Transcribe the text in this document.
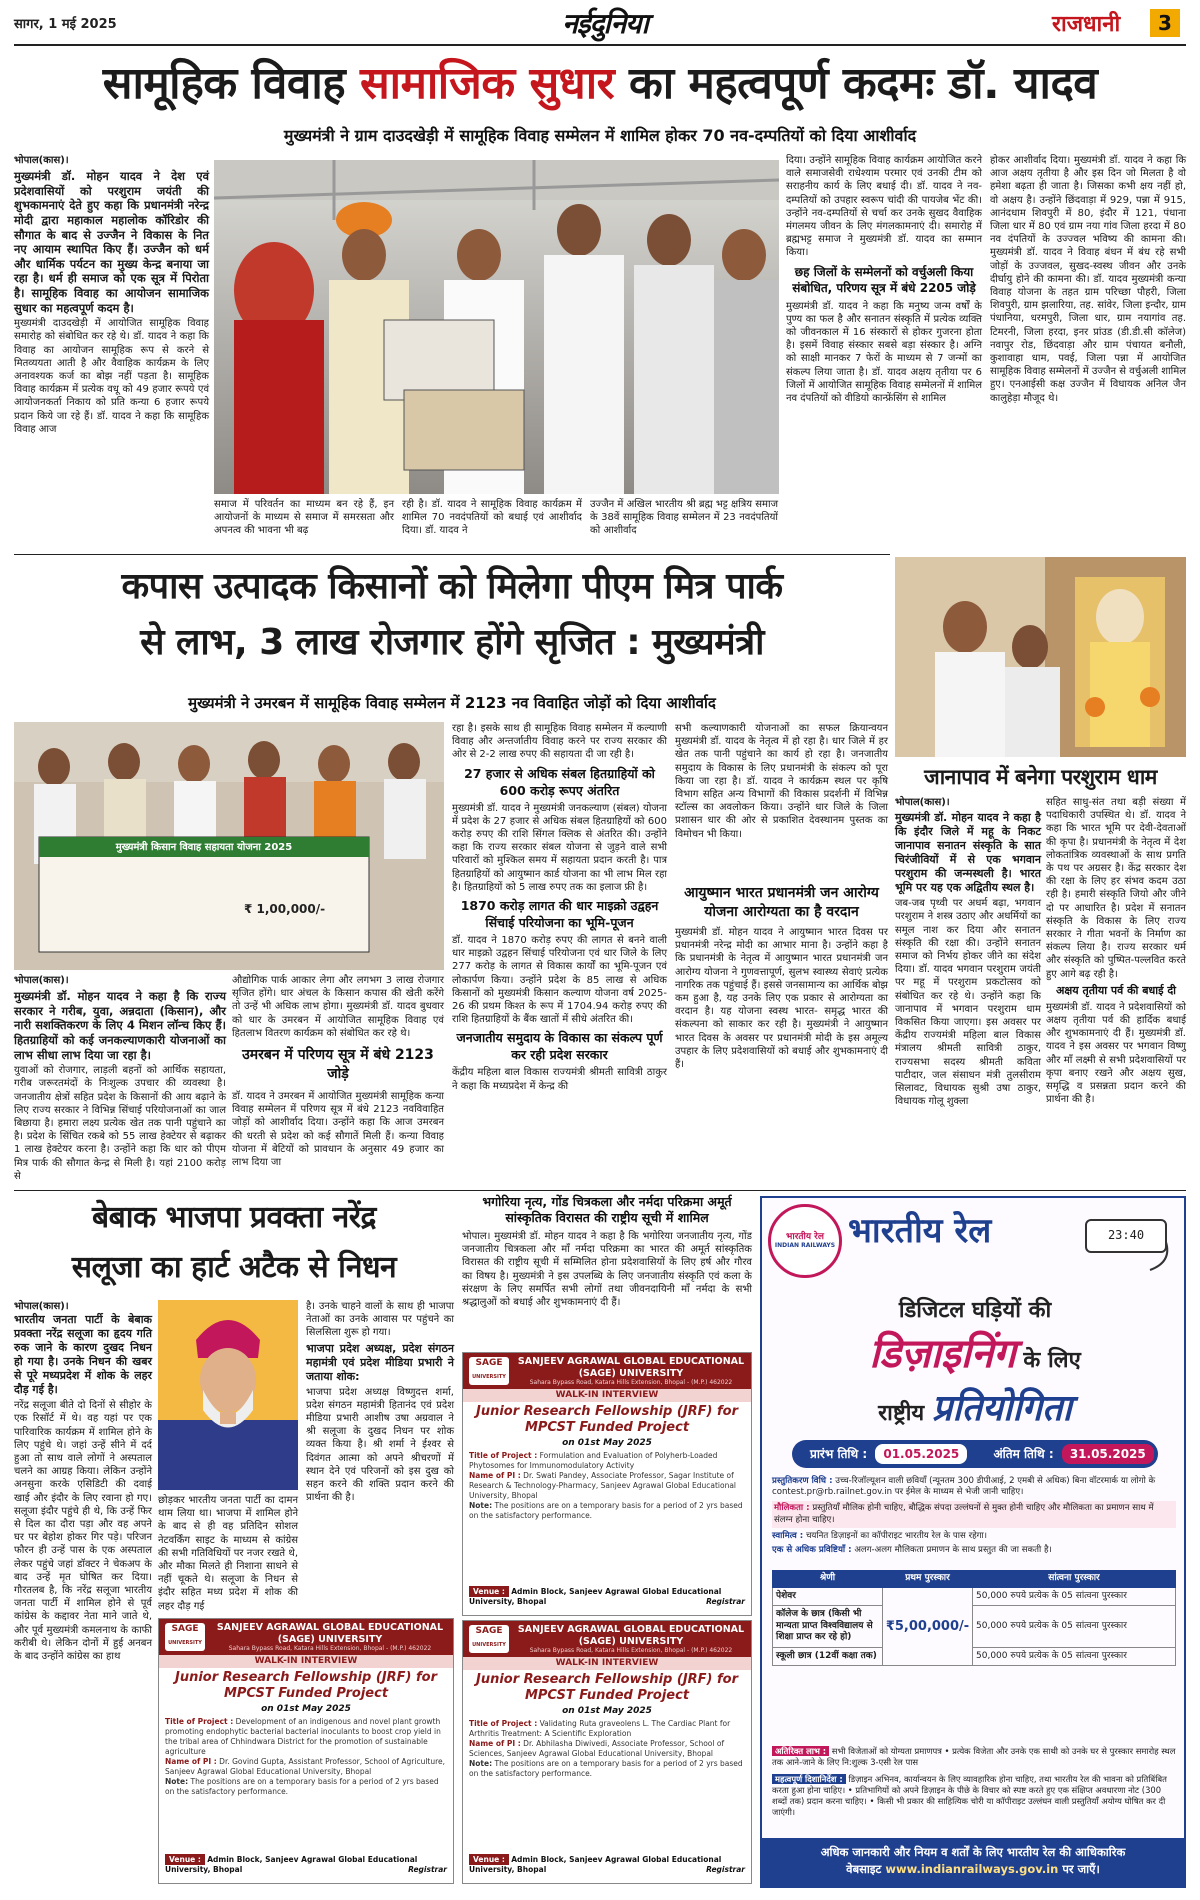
सागर, 1 मई 2025	नईदुनिया	राजधानी	3
सामूहिक विवाह सामाजिक सुधार का महत्वपूर्ण कदमः डॉ. यादव
मुख्यमंत्री ने ग्राम दाउदखेड़ी में सामूहिक विवाह सम्मेलन में शामिल होकर 70 नव-दम्पतियों को दिया आशीर्वाद

भोपाल(कास)।

मुख्यमंत्री डॉ. मोहन यादव ने देश एवं प्रदेशवासियों को परशुराम जयंती की शुभकामनाएं देते हुए कहा कि प्रधानमंत्री नरेन्द्र मोदी द्वारा महाकाल महालोक कॉरिडोर की सौगात के बाद से उज्जैन ने विकास के नित नए आयाम स्थापित किए हैं। उज्जैन को धर्म और धार्मिक पर्यटन का मुख्य केन्द्र बनाया जा रहा है। धर्म ही समाज को एक सूत्र में पिरोता है। सामूहिक विवाह का आयोजन सामाजिक सुधार का महत्वपूर्ण कदम है।

मुख्यमंत्री दाउदखेड़ी में आयोजित सामूहिक विवाह समारोह को संबोधित कर रहे थे। डॉ. यादव ने कहा कि विवाह का आयोजन सामूहिक रूप से करने से मितव्ययता आती है और वैवाहिक कार्यक्रम के लिए अनावश्यक कर्ज का बोझ नहीं पड़ता है। सामूहिक विवाह कार्यक्रम में प्रत्येक वधू को 49 हजार रूपये एवं आयोजनकर्ता निकाय को प्रति कन्या 6 हजार रूपये प्रदान किये जा रहे हैं। डॉ. यादव ने कहा कि सामूहिक विवाह आज

समाज में परिवर्तन का माध्यम बन रहे हैं, इन आयोजनों के माध्यम से समाज में समरसता और अपनत्व की भावना भी बढ़
रही है। डॉ. यादव ने सामूहिक विवाह कार्यक्रम में शामिल 70 नवदंपतियों को बधाई एवं आशीर्वाद दिया। डॉ. यादव ने
उज्जैन में अखिल भारतीय श्री ब्रह्म भट्ट क्षत्रिय समाज के 38वें सामूहिक विवाह सम्मेलन में 23 नवदंपतियों को आशीर्वाद

दिया। उन्होंने सामूहिक विवाह कार्यक्रम आयोजित करने वाले समाजसेवी राधेश्याम परमार एवं उनकी टीम को सराहनीय कार्य के लिए बधाई दी। डॉ. यादव ने नव-दम्पतियों को उपहार स्वरूप चांदी की पायजेब भेंट की। उन्होंने नव-दम्पतियों से चर्चा कर उनके सुखद वैवाहिक मंगलमय जीवन के लिए मंगलकामनाएं दी। समारोह में ब्रह्मभट्ट समाज ने मुख्यमंत्री डॉ. यादव का सम्मान किया।

छह जिलों के सम्मेलनों को वर्चुअली किया संबोधित, परिणय सूत्र में बंधे 2205 जोड़े

मुख्यमंत्री डॉ. यादव ने कहा कि मनुष्य जन्म वर्षों के पुण्य का फल है और सनातन संस्कृति में प्रत्येक व्यक्ति को जीवनकाल में 16 संस्कारों से होकर गुजरना होता है। इसमें विवाह संस्कार सबसे बड़ा संस्कार है। अग्नि को साक्षी मानकर 7 फेरों के माध्यम से 7 जन्मों का संकल्प लिया जाता है। डॉ. यादव अक्षय तृतीया पर 6 जिलों में आयोजित सामूहिक विवाह सम्मेलनों में शामिल नव दंपतियों को वीडियो कान्फ्रेंसिंग से शामिल

होकर आशीर्वाद दिया। मुख्यमंत्री डॉ. यादव ने कहा कि आज अक्षय तृतीया है और इस दिन जो मिलता है वो हमेशा बढ़ता ही जाता है। जिसका कभी क्षय नहीं हो, वो अक्षय है। उन्होंने छिंदवाड़ा में 929, पन्ना में 915, आनंदधाम शिवपुरी में 80, इंदौर में 121, पंधाना जिला धार में 80 एवं ग्राम नया गांव जिला हरदा में 80 नव दंपतियों के उज्ज्वल भविष्य की कामना की। मुख्यमंत्री डॉ. यादव ने विवाह बंधन में बंध रहे सभी जोड़ों के उज्जवल, सुखद-स्वस्थ जीवन और उनके दीर्घायु होने की कामना की। डॉ. यादव मुख्यमंत्री कन्या विवाह योजना के तहत ग्राम परिच्छा पौहरी, जिला शिवपुरी, ग्राम झलारिया, तह. सांवेर, जिला इन्दौर, ग्राम पंधानिया, धरमपुरी, जिला धार, ग्राम नयागांव तह. टिमरनी, जिला हरदा, इनर प्रांउड (डी.डी.सी कॉलेज) नवापुर रोड, छिंदवाड़ा और ग्राम पंचायत बनौली, कुशावाहा धाम, पवई, जिला पन्ना में आयोजित सामूहिक विवाह सम्मेलनों में उज्जैन से वर्चुअली शामिल हुए। एनआईसी कक्ष उज्जैन में विधायक अनिल जैन कालुहेड़ा मौजूद थे।
कपास उत्पादक किसानों को मिलेगा पीएम मित्र पार्क
से लाभ, 3 लाख रोजगार होंगे सृजित : मुख्यमंत्री
मुख्यमंत्री ने उमरबन में सामूहिक विवाह सम्मेलन में 2123 नव विवाहित जोड़ों को दिया आशीर्वाद
मुख्यमंत्री किसान विवाह सहायता योजना 2025
₹ 1,00,000/-

भोपाल(कास)।

मुख्यमंत्री डॉ. मोहन यादव ने कहा है कि राज्य सरकार ने गरीब, युवा, अन्नदाता (किसान), और नारी सशक्तिकरण के लिए 4 मिशन लॉन्च किए हैं। हितग्राहियों को कई जनकल्याणकारी योजनाओं का लाभ सीधा लाभ दिया जा रहा है।

युवाओं को रोजगार, लाड़ली बहनों को आर्थिक सहायता, गरीब जरूरतमंदों के निःशुल्क उपचार की व्यवस्था है। जनजातीय क्षेत्रों सहित प्रदेश के किसानों की आय बढ़ाने के लिए राज्य सरकार ने विभिन्न सिंचाई परियोजनाओं का जाल बिछाया है। हमारा लक्ष्य प्रत्येक खेत तक पानी पहुंचाने का है। प्रदेश के सिंचित रकबे को 55 लाख हेक्टेयर से बढ़ाकर 1 लाख हेक्टेयर करना है। उन्होंने कहा कि धार को पीएम मित्र पार्क की सौगात केन्द्र से मिली है। यहां 2100 करोड़ से

औद्योगिक पार्क आकार लेगा और लगभग 3 लाख रोजगार सृजित होंगे। धार अंचल के किसान कपास की खेती करेंगे तो उन्हें भी अधिक लाभ होगा। मुख्यमंत्री डॉ. यादव बुधवार को धार के उमरबन में आयोजित सामूहिक विवाह एवं हितलाभ वितरण कार्यक्रम को संबोधित कर रहे थे।

उमरबन में परिणय सूत्र में बंधे 2123 जोड़े

डॉ. यादव ने उमरबन में आयोजित मुख्यमंत्री सामूहिक कन्या विवाह सम्मेलन में परिणय सूत्र में बंधे 2123 नवविवाहित जोड़ों को आशीर्वाद दिया। उन्होंने कहा कि आज उमरबन की धरती से प्रदेश को कई सौगातें मिली हैं। कन्या विवाह योजना में बेटियों को प्रावधान के अनुसार 49 हजार का लाभ दिया जा

रहा है। इसके साथ ही सामूहिक विवाह सम्मेलन में कल्याणी विवाह और अन्तर्जातीय विवाह करने पर राज्य सरकार की ओर से 2-2 लाख रुपए की सहायता दी जा रही है।

27 हजार से अधिक संबल हितग्राहियों को 600 करोड़ रूपए अंतरित

मुख्यमंत्री डॉ. यादव ने मुख्यमंत्री जनकल्याण (संबल) योजना में प्रदेश के 27 हजार से अधिक संबल हितग्राहियों को 600 करोड़ रुपए की राशि सिंगल क्लिक से अंतरित की। उन्होंने कहा कि राज्य सरकार संबल योजना से जुड़ने वाले सभी परिवारों को मुश्किल समय में सहायता प्रदान करती है। पात्र हितग्राहियों को आयुष्मान कार्ड योजना का भी लाभ मिल रहा है। हितग्राहियों को 5 लाख रुपए तक का इलाज फ्री है।

1870 करोड़ लागत की धार माइक्रो उद्वहन सिंचाई परियोजना का भूमि-पूजन

डॉ. यादव ने 1870 करोड़ रुपए की लागत से बनने वाली धार माइक्रो उद्वहन सिंचाई परियोजना एवं धार जिले के लिए 277 करोड़ के लागत से विकास कार्यों का भूमि-पूजन एवं लोकार्पण किया। उन्होंने प्रदेश के 85 लाख से अधिक किसानों को मुख्यमंत्री किसान कल्याण योजना वर्ष 2025-26 की प्रथम किश्त के रूप में 1704.94 करोड़ रुपए की राशि हितग्राहियों के बैंक खातों में सीधे अंतरित की।

जनजातीय समुदाय के विकास का संकल्प पूर्ण कर रही प्रदेश सरकार

केंद्रीय महिला बाल विकास राज्यमंत्री श्रीमती सावित्री ठाकुर ने कहा कि मध्यप्रदेश में केन्द्र की

सभी कल्याणकारी योजनाओं का सफल क्रियान्वयन मुख्यमंत्री डॉ. यादव के नेतृत्व में हो रहा है। धार जिले में हर खेत तक पानी पहुंचाने का कार्य हो रहा है। जनजातीय समुदाय के विकास के लिए प्रधानमंत्री के संकल्प को पूरा किया जा रहा है। डॉ. यादव ने कार्यक्रम स्थल पर कृषि विभाग सहित अन्य विभागों की विकास प्रदर्शनी में विभिन्न स्टॉल्स का अवलोकन किया। उन्होंने धार जिले के जिला प्रशासन धार की ओर से प्रकाशित देवस्थानम पुस्तक का विमोचन भी किया।
आयुष्मान भारत प्रधानमंत्री जन आरोग्य योजना आरोग्यता का है वरदान
मुख्यमंत्री डॉ. मोहन यादव ने आयुष्मान भारत दिवस पर प्रधानमंत्री नरेन्द्र मोदी का आभार माना है। उन्होंने कहा है कि प्रधानमंत्री के नेतृत्व में आयुष्मान भारत प्रधानमंत्री जन आरोग्य योजना ने गुणवत्तापूर्ण, सुलभ स्वास्थ्य सेवाएं प्रत्येक नागरिक तक पहुंचाई हैं। इससे जनसामान्य का आर्थिक बोझ कम हुआ है, यह उनके लिए एक प्रकार से आरोग्यता का वरदान है। यह योजना स्वस्थ भारत- समृद्ध भारत की संकल्पना को साकार कर रही है। मुख्यमंत्री ने आयुष्मान भारत दिवस के अवसर पर प्रधानमंत्री मोदी के इस अमूल्य उपहार के लिए प्रदेशवासियों को बधाई और शुभकामनाएं दी हैं।
जानापाव में बनेगा परशुराम धाम

भोपाल(कास)।

मुख्यमंत्री डॉ. मोहन यादव ने कहा है कि इंदौर जिले में महू के निकट जानापाव सनातन संस्कृति के सात चिरंजीवियों में से एक भगवान परशुराम की जन्मस्थली है। भारत भूमि पर यह एक अद्वितीय स्थल है।

जब-जब पृथ्वी पर अधर्म बढ़ा, भगवान परशुराम ने शस्त्र उठाए और अधर्मियों का समूल नाश कर दिया और सनातन संस्कृति की रक्षा की। उन्होंने सनातन समाज को निर्भय होकर जीने का संदेश दिया। डॉ. यादव भगवान परशुराम जयंती पर महू में परशुराम प्रकटोत्सव को संबोधित कर रहे थे। उन्होंने कहा कि जानापाव में भगवान परशुराम धाम विकसित किया जाएगा। इस अवसर पर केंद्रीय राज्यमंत्री महिला बाल विकास मंत्रालय श्रीमती सावित्री ठाकुर, राज्यसभा सदस्य श्रीमती कविता पाटीदार, जल संसाधन मंत्री तुलसीराम सिलावट, विधायक सुश्री उषा ठाकुर, विधायक गोलू शुक्ला

सहित साधु-संत तथा बड़ी संख्या में पदाधिकारी उपस्थित थे। डॉ. यादव ने कहा कि भारत भूमि पर देवी-देवताओं की कृपा है। प्रधानमंत्री के नेतृत्व में देश लोकतांत्रिक व्यवस्थाओं के साथ प्रगति के पथ पर अग्रसर है। केंद्र सरकार देश की रक्षा के लिए हर संभव कदम उठा रही है। हमारी संस्कृति जियो और जीने दो पर आधारित है। प्रदेश में सनातन संस्कृति के विकास के लिए राज्य सरकार ने गीता भवनों के निर्माण का संकल्प लिया है। राज्य सरकार धर्म और संस्कृति को पुष्पित-पल्लवित करते हुए आगे बढ़ रही है।

अक्षय तृतीया पर्व की बधाई दी

मुख्यमंत्री डॉ. यादव ने प्रदेशवासियों को अक्षय तृतीया पर्व की हार्दिक बधाई और शुभकामनाएं दी हैं। मुख्यमंत्री डॉ. यादव ने इस अवसर पर भगवान विष्णु और माँ लक्ष्मी से सभी प्रदेशवासियों पर कृपा बनाए रखने और अक्षय सुख, समृद्धि व प्रसन्नता प्रदान करने की प्रार्थना की है।

बेबाक भाजपा प्रवक्ता नरेंद्र
सलूजा का हार्ट अटैक से निधन

भोपाल(कास)।

भारतीय जनता पार्टी के बेबाक प्रवक्ता नरेंद्र सलूजा का हृदय गति रुक जाने के कारण दुखद निधन हो गया है। उनके निधन की खबर से पूरे मध्यप्रदेश में शोक के लहर दौड़ गई है।

नरेंद्र सलूजा बीते दो दिनों से सीहोर के एक रिसॉर्ट में थे। वह यहां पर एक पारिवारिक कार्यक्रम में शामिल होने के लिए पहुंचे थे। जहां उन्हें सीने में दर्द हुआ तो साथ वाले लोगों ने अस्पताल चलने का आग्रह किया। लेकिन उन्होंने अनसुना करके एसिडिटी की दवाई खाई और इंदौर के लिए रवाना हो गए। सलूजा इंदौर पहुंचे ही थे, कि उन्हें फिर से दिल का दौरा पड़ा और वह अपने घर पर बेहोश होकर गिर पड़े। परिजन फौरन ही उन्हें पास के एक अस्पताल लेकर पहुंचे जहां डॉक्टर ने चेकअप के बाद उन्हें मृत घोषित कर दिया। गौरतलब है, कि नरेंद्र सलूजा भारतीय जनता पार्टी में शामिल होने से पूर्व कांग्रेस के कद्दावर नेता माने जाते थे, और पूर्व मुख्यमंत्री कमलनाथ के काफी करीबी थे। लेकिन दोनों में हुई अनबन के बाद उन्होंने कांग्रेस का हाथ

छोड़कर भारतीय जनता पार्टी का दामन थाम लिया था। भाजपा में शामिल होने के बाद से ही वह प्रतिदिन सोशल नेटवर्किंग साइट के माध्यम से कांग्रेस की सभी गतिविधियों पर नजर रखते थे, और मौका मिलते ही निशाना साधने से नहीं चूकते थे। सलूजा के निधन से इंदौर सहित मध्य प्रदेश में शोक की लहर दौड़ गई

है। उनके चाहने वालों के साथ ही भाजपा नेताओं का उनके आवास पर पहुंचने का सिलसिला शुरू हो गया।

भाजपा प्रदेश अध्यक्ष, प्रदेश संगठन महामंत्री एवं प्रदेश मीडिया प्रभारी ने जताया शोक:

भाजपा प्रदेश अध्यक्ष विष्णुदत्त शर्मा, प्रदेश संगठन महामंत्री हितानंद एवं प्रदेश मीडिया प्रभारी आशीष उषा अग्रवाल ने श्री सलूजा के दुखद निधन पर शोक व्यक्त किया है। श्री शर्मा ने ईश्वर से दिवंगत आत्मा को अपने श्रीचरणों में स्थान देने एवं परिजनों को इस दुख को सहन करने की शक्ति प्रदान करने की प्रार्थना की है।

SAGE
UNIVERSITY
SANJEEV AGRAWAL GLOBAL EDUCATIONAL (SAGE) UNIVERSITY
Sahara Bypass Road, Katara Hills Extension, Bhopal - (M.P.) 462022
WALK-IN INTERVIEW
Junior Research Fellowship (JRF) for MPCST Funded Project
on 01st May 2025
Title of Project : Development of an indigenous and novel plant growth promoting endophytic bacterial bacterial inoculants to boost crop yield in the tribal area of Chhindwara District for the promotion of sustainable agriculture
Name of PI : Dr. Govind Gupta, Assistant Professor, School of Agriculture, Sanjeev Agrawal Global Educational University, Bhopal
Note: The positions are on a temporary basis for a period of 2 yrs based on the satisfactory performance.
Venue : Admin Block, Sanjeev Agrawal Global Educational University, Bhopal	Registrar
भगोरिया नृत्य, गोंड चित्रकला और नर्मदा परिक्रमा अमूर्त सांस्कृतिक विरासत की राष्ट्रीय सूची में शामिल
भोपाल। मुख्यमंत्री डॉ. मोहन यादव ने कहा है कि भगोरिया जनजातीय नृत्य, गोंड जनजातीय चित्रकला और माँ नर्मदा परिक्रमा का भारत की अमूर्त सांस्कृतिक विरासत की राष्ट्रीय सूची में सम्मिलित होना प्रदेशवासियों के लिए हर्ष और गौरव का विषय है। मुख्यमंत्री ने इस उपलब्धि के लिए जनजातीय संस्कृति एवं कला के संरक्षण के लिए समर्पित सभी लोगों तथा जीवनदायिनी माँ नर्मदा के सभी श्रद्धालुओं को बधाई और शुभकामनाएं दी हैं।
SAGE
UNIVERSITY
SANJEEV AGRAWAL GLOBAL EDUCATIONAL (SAGE) UNIVERSITY
Sahara Bypass Road, Katara Hills Extension, Bhopal - (M.P.) 462022
WALK-IN INTERVIEW
Junior Research Fellowship (JRF) for MPCST Funded Project
on 01st May 2025
Title of Project : Formulation and Evaluation of Polyherb-Loaded Phytosomes for Immunomodulatory Activity
Name of PI : Dr. Swati Pandey, Associate Professor, Sagar Institute of Research & Technology-Pharmacy, Sanjeev Agrawal Global Educational University, Bhopal
Note: The positions are on a temporary basis for a period of 2 yrs based on the satisfactory performance.
Venue : Admin Block, Sanjeev Agrawal Global Educational University, Bhopal	Registrar
SAGE
UNIVERSITY
SANJEEV AGRAWAL GLOBAL EDUCATIONAL (SAGE) UNIVERSITY
Sahara Bypass Road, Katara Hills Extension, Bhopal - (M.P.) 462022
WALK-IN INTERVIEW
Junior Research Fellowship (JRF) for MPCST Funded Project
on 01st May 2025
Title of Project : Validating Ruta graveolens L. The Cardiac Plant for Arthritis Treatment: A Scientific Exploration
Name of PI : Dr. Abhilasha Diwivedi, Associate Professor, School of Sciences, Sanjeev Agrawal Global Educational University, Bhopal
Note: The positions are on a temporary basis for a period of 2 yrs based on the satisfactory performance.
Venue : Admin Block, Sanjeev Agrawal Global Educational University, Bhopal	Registrar
भारतीय रेल
INDIAN RAILWAYS भारतीय रेल	23:40
डिजिटल घड़ियों की
डिज़ाइनिंग के लिए
राष्ट्रीय प्रतियोगिता
प्रारंभ तिथि : 01.05.2025	अंतिम तिथि : 31.05.2025
प्रस्तुतिकरण विधि : उच्च-रिजॉल्यूशन वाली छवियाँ (न्यूनतम 300 डीपीआई, 2 एमबी से अधिक) बिना वॉटरमार्क या लोगो के contest.pr@rb.railnet.gov.in पर ईमेल के माध्यम से भेजी जानी चाहिए।
मौलिकता : प्रस्तुतियाँ मौलिक होनी चाहिए, बौद्धिक संपदा उल्लंघनों से मुक्त होनी चाहिए और मौलिकता का प्रमाणन साथ में संलग्न होना चाहिए।
स्वामित्व : चयनित डिज़ाइनों का कॉपीराइट भारतीय रेल के पास रहेगा।
एक से अधिक प्रविष्टियाँ : अलग-अलग मौलिकता प्रमाणन के साथ प्रस्तुत की जा सकती है।
श्रेणी	प्रथम पुरस्कार	सांत्वना पुरस्कार
पेशेवर	₹5,00,000/-	50,000 रुपये प्रत्येक के 05 सांत्वना पुरस्कार
कॉलेज के छात्र (किसी भी मान्यता प्राप्त विश्वविद्यालय से शिक्षा प्राप्त कर रहे हो)		50,000 रुपये प्रत्येक के 05 सांत्वना पुरस्कार
स्कूली छात्र (12वीं कक्षा तक)		50,000 रुपये प्रत्येक के 05 सांत्वना पुरस्कार
अतिरिक्त लाभ : सभी विजेताओं को योग्यता प्रमाणपत्र • प्रत्येक विजेता और उनके एक साथी को उनके घर से पुरस्कार समारोह स्थल तक आने-जाने के लिए नि:शुल्क 3-एसी रेल पास
महत्वपूर्ण दिशानिर्देश : डिज़ाइन अभिनव, कार्यान्वयन के लिए व्यावहारिक होना चाहिए, तथा भारतीय रेल की भावना को प्रतिबिंबित करता हुआ होना चाहिए। • प्रतिभागियों को अपने डिज़ाइन के पीछे के विचार को स्पष्ट करते हुए एक संक्षिप्त अवधारणा नोट (300 शब्दों तक) प्रदान करना चाहिए। • किसी भी प्रकार की साहित्यिक चोरी या कॉपीराइट उल्लंघन वाली प्रस्तुतियाँ अयोग्य घोषित कर दी जाएंगी।
अधिक जानकारी और नियम व शर्तों के लिए भारतीय रेल की आधिकारिक
वेबसाइट www.indianrailways.gov.in पर जाएँ।
